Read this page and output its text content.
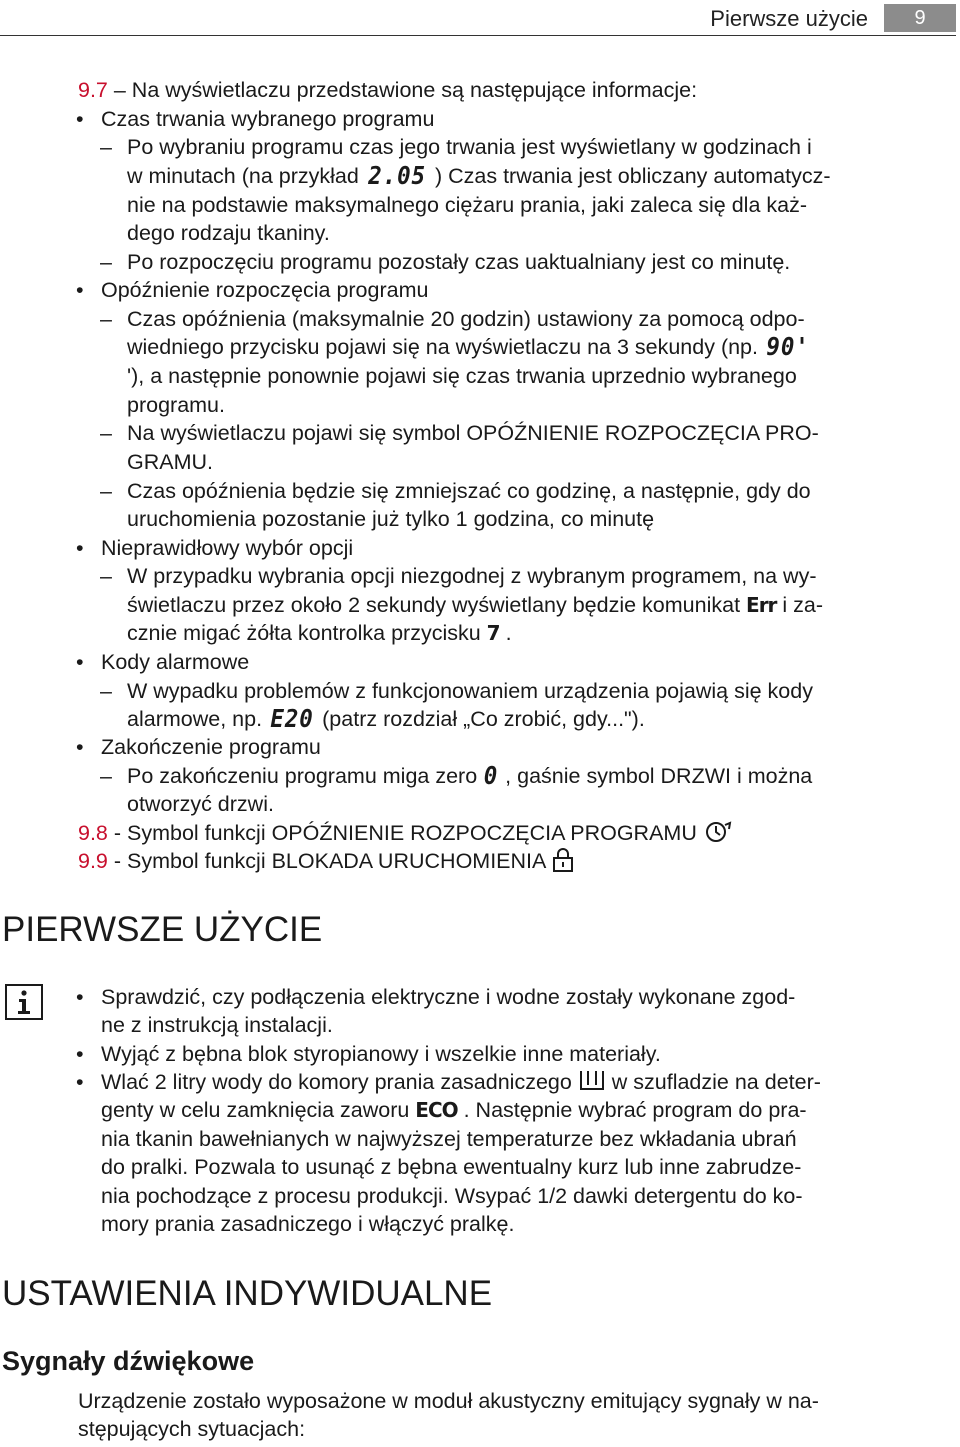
Pierwsze użycie	9
9.7 – Na wyświetlaczu przedstawione są następujące informacje:
• Czas trwania wybranego programu
– Po wybraniu programu czas jego trwania jest wyświetlany w godzinach i
w minutach (na przykład 2.05 ) Czas trwania jest obliczany automatycz-
nie na podstawie maksymalnego ciężaru prania, jaki zaleca się dla każ-
dego rodzaju tkaniny.
– Po rozpoczęciu programu pozostały czas uaktualniany jest co minutę.
• Opóźnienie rozpoczęcia programu
– Czas opóźnienia (maksymalnie 20 godzin) ustawiony za pomocą odpo-
wiedniego przycisku pojawi się na wyświetlaczu na 3 sekundy (np. 90'
'), a następnie ponownie pojawi się czas trwania uprzednio wybranego
programu.
– Na wyświetlaczu pojawi się symbol OPÓŹNIENIE ROZPOCZĘCIA PRO-
GRAMU.
– Czas opóźnienia będzie się zmniejszać co godzinę, a następnie, gdy do
uruchomienia pozostanie już tylko 1 godzina, co minutę
• Nieprawidłowy wybór opcji
– W przypadku wybrania opcji niezgodnej z wybranym programem, na wy-
świetlaczu przez około 2 sekundy wyświetlany będzie komunikat Err i za-
cznie migać żółta kontrolka przycisku 7 .
• Kody alarmowe
– W wypadku problemów z funkcjonowaniem urządzenia pojawią się kody
alarmowe, np. E20 (patrz rozdział „Co zrobić, gdy...").
• Zakończenie programu
– Po zakończeniu programu miga zero 0 , gaśnie symbol DRZWI i można
otworzyć drzwi.
9.8 - Symbol funkcji OPÓŹNIENIE ROZPOCZĘCIA PROGRAMU
9.9 - Symbol funkcji BLOKADA URUCHOMIENIA
PIERWSZE UŻYCIE
• Sprawdzić, czy podłączenia elektryczne i wodne zostały wykonane zgod-
ne z instrukcją instalacji.
• Wyjąć z bębna blok styropianowy i wszelkie inne materiały.
• Wlać 2 litry wody do komory prania zasadniczego  w szufladzie na deter-
genty w celu zamknięcia zaworu ECO . Następnie wybrać program do pra-
nia tkanin bawełnianych w najwyższej temperaturze bez wkładania ubrań
do pralki. Pozwala to usunąć z bębna ewentualny kurz lub inne zabrudze-
nia pochodzące z procesu produkcji. Wsypać 1/2 dawki detergentu do ko-
mory prania zasadniczego i włączyć pralkę.
USTAWIENIA INDYWIDUALNE
Sygnały dźwiękowe
Urządzenie zostało wyposażone w moduł akustyczny emitujący sygnały w na-
stępujących sytuacjach:
